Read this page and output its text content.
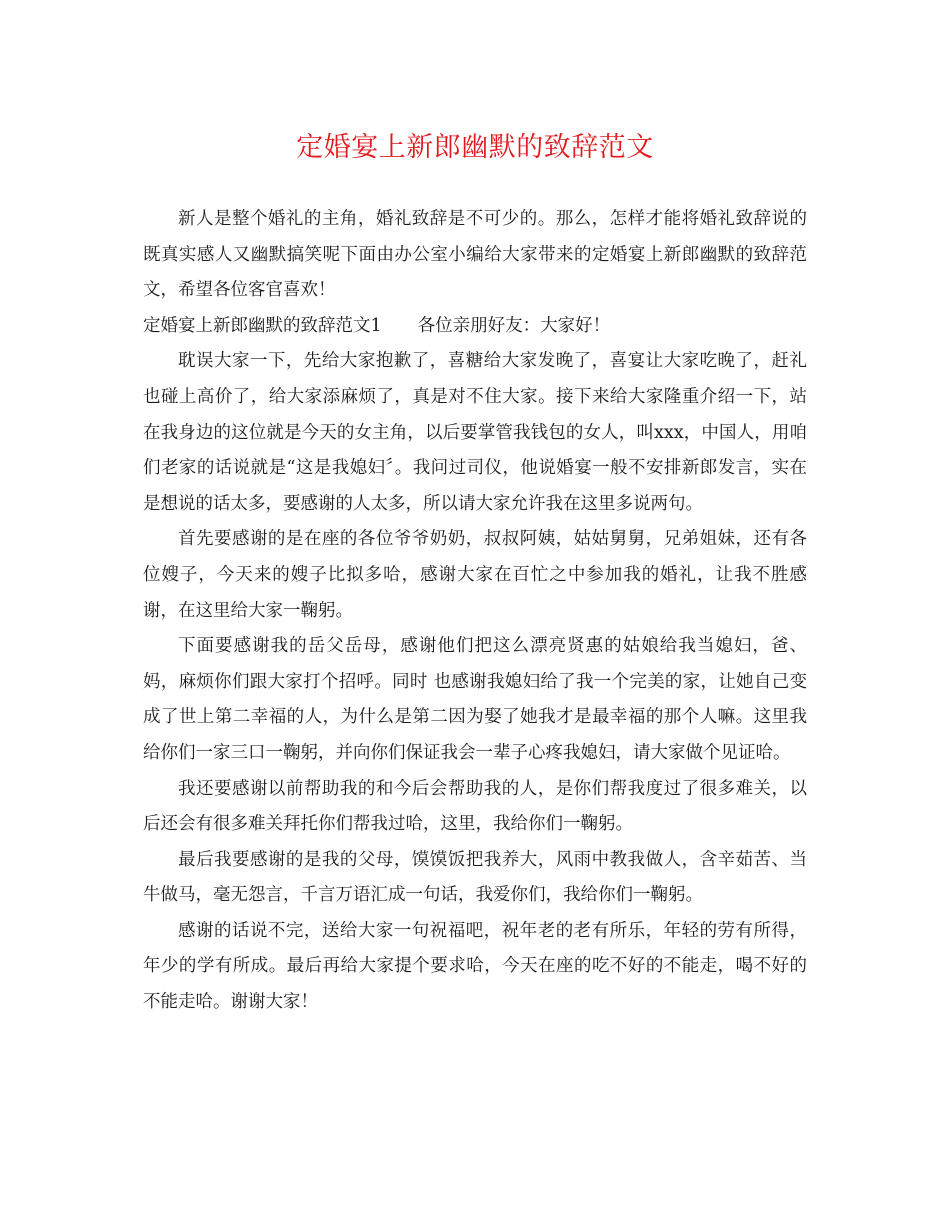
定婚宴上新郎幽默的致辞范文

新人是整个婚礼的主角，婚礼致辞是不可少的。那么，怎样才能将婚礼致辞说的既真实感人又幽默搞笑呢下面由办公室小编给大家带来的定婚宴上新郎幽默的致辞范文，希望各位客官喜欢！

定婚宴上新郎幽默的致辞范文1 各位亲朋好友：大家好！

耽误大家一下，先给大家抱歉了，喜糖给大家发晚了，喜宴让大家吃晚了，赶礼也碰上高价了，给大家添麻烦了，真是对不住大家。接下来给大家隆重介绍一下，站在我身边的这位就是今天的女主角，以后要掌管我钱包的女人，叫xxx，中国人，用咱们老家的话说就是“这是我媳妇〞。我问过司仪，他说婚宴一般不安排新郎发言，实在是想说的话太多，要感谢的人太多，所以请大家允许我在这里多说两句。

首先要感谢的是在座的各位爷爷奶奶，叔叔阿姨，姑姑舅舅，兄弟姐妹，还有各位嫂子，今天来的嫂子比拟多哈，感谢大家在百忙之中参加我的婚礼，让我不胜感谢，在这里给大家一鞠躬。

下面要感谢我的岳父岳母，感谢他们把这么漂亮贤惠的姑娘给我当媳妇，爸、妈，麻烦你们跟大家打个招呼。同时 也感谢我媳妇给了我一个完美的家，让她自己变成了世上第二幸福的人，为什么是第二因为娶了她我才是最幸福的那个人嘛。这里我给你们一家三口一鞠躬，并向你们保证我会一辈子心疼我媳妇，请大家做个见证哈。

我还要感谢以前帮助我的和今后会帮助我的人，是你们帮我度过了很多难关，以后还会有很多难关拜托你们帮我过哈，这里，我给你们一鞠躬。

最后我要感谢的是我的父母，馍馍饭把我养大，风雨中教我做人，含辛茹苦、当牛做马，毫无怨言，千言万语汇成一句话，我爱你们，我给你们一鞠躬。

感谢的话说不完，送给大家一句祝福吧，祝年老的老有所乐，年轻的劳有所得，年少的学有所成。最后再给大家提个要求哈，今天在座的吃不好的不能走，喝不好的不能走哈。谢谢大家！
